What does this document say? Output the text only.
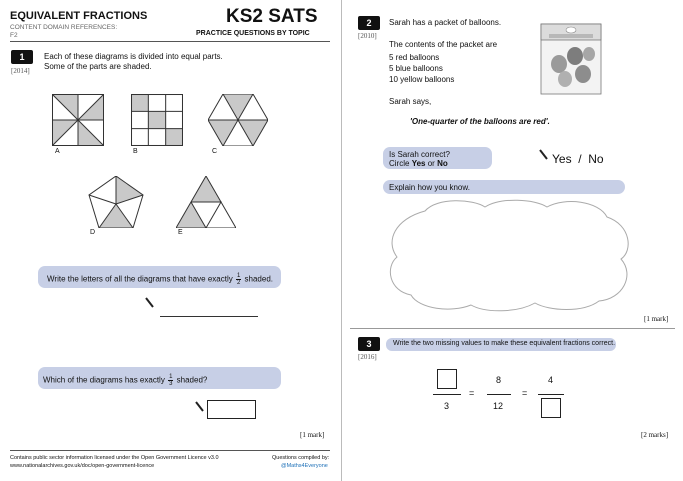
EQUIVALENT FRACTIONS
CONTENT DOMAIN REFERENCES:
F2
KS2 SATS
PRACTICE QUESTIONS BY TOPIC
1
[2014]
Each of these diagrams is divided into equal parts.
Some of the parts are shaded.
A	B	C
D	E
Write the letters of all the diagrams that have exactly $\frac{1}{2}$ shaded.
Which of the diagrams has exactly $\frac{1}{3}$ shaded?
[1 mark]
Contains public sector information licensed under the Open Government Licence v3.0
www.nationalarchives.gov.uk/doc/open-government-licence
Questions compiled by:
@Maths4Everyone
2
[2010]
Sarah has a packet of balloons.
The contents of the packet are
5 red balloons
5 blue balloons
10 yellow balloons
Sarah says,
'One-quarter of the balloons are red'.
Is Sarah correct?
Circle Yes or No	Yes  /  No
Explain how you know.
[1 mark]
3
[2016]
Write the two missing values to make these equivalent fractions correct.
3
=
8
12
=
4
[2 marks]
